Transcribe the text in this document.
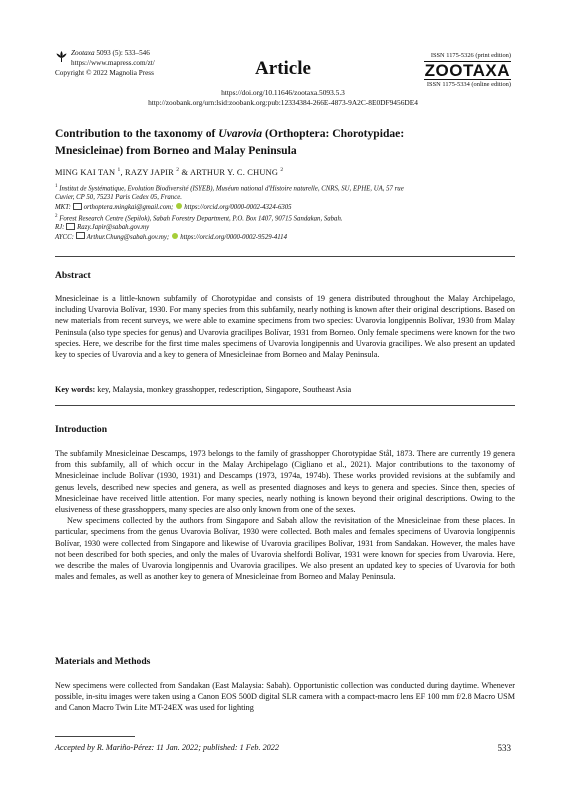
Zootaxa 5093 (5): 533–546
https://www.mapress.com/zt/
Copyright © 2022 Magnolia Press	Article
ISSN 1175-5326 (print edition)
ZOOTAXA
ISSN 1175-5334 (online edition)
https://doi.org/10.11646/zootaxa.5093.5.3
http://zoobank.org/urn:lsid:zoobank.org:pub:12334384-266E-4873-9A2C-8E0DF9456DE4
Contribution to the taxonomy of Uvarovia (Orthoptera: Chorotypidae:
Mnesicleinae) from Borneo and Malay Peninsula
MING KAI TAN $^1$, RAZY JAPIR $^2$ & ARTHUR Y. C. CHUNG $^2$
$^1$ Institut de Systématique, Evolution Biodiversité (ISYEB), Muséum national d'Histoire naturelle, CNRS, SU, EPHE, UA, 57 rue
Cuvier, CP 50, 75231 Paris Cedex 05, France.
MKT: orthoptera.mingkai@gmail.com; https://orcid.org/0000-0002-4324-6305
$^2$ Forest Research Centre (Sepilok), Sabah Forestry Department, P.O. Box 1407, 90715 Sandakan, Sabah.
RJ: Razy.Japir@sabah.gov.my
AYCC: Arthur.Chung@sabah.gov.my; https://orcid.org/0000-0002-9529-4114
Abstract

Mnesicleinae is a little-known subfamily of Chorotypidae and consists of 19 genera distributed throughout the Malay Archipelago, including Uvarovia Bolívar, 1930. For many species from this subfamily, nearly nothing is known after their original descriptions. Based on new materials from recent surveys, we were able to examine specimens from two species: Uvarovia longipennis Bolívar, 1930 from Malay Peninsula (also type species for genus) and Uvarovia gracilipes Bolívar, 1931 from Borneo. Only female specimens were known for the two species. Here, we describe for the first time males specimens of Uvarovia longipennis and Uvarovia gracilipes. We also present an updated key to species of Uvarovia and a key to genera of Mnesicleinae from Borneo and Malay Peninsula.

Key words: key, Malaysia, monkey grasshopper, redescription, Singapore, Southeast Asia
Introduction

The subfamily Mnesicleinae Descamps, 1973 belongs to the family of grasshopper Chorotypidae Stål, 1873. There are currently 19 genera from this subfamily, all of which occur in the Malay Archipelago (Cigliano et al., 2021). Major contributions to the taxonomy of Mnesicleinae include Bolívar (1930, 1931) and Descamps (1973, 1974a, 1974b). These works provided revisions at the subfamily and genus levels, described new species and genera, as well as presented diagnoses and keys to genera and species. Since then, species of Mnesicleinae have received little attention. For many species, nearly nothing is known beyond their original descriptions. Owing to the elusiveness of these grasshoppers, many species are also only known from one of the sexes.

New specimens collected by the authors from Singapore and Sabah allow the revisitation of the Mnesicleinae from these places. In particular, specimens from the genus Uvarovia Bolívar, 1930 were collected. Both males and females specimens of Uvarovia longipennis Bolívar, 1930 were collected from Singapore and likewise of Uvarovia gracilipes Bolívar, 1931 from Sandakan. However, the males have not been described for both species, and only the males of Uvarovia shelfordi Bolívar, 1931 were known for species from Uvarovia. Here, we describe the males of Uvarovia longipennis and Uvarovia gracilipes. We also present an updated key to species of Uvarovia for both males and females, as well as another key to genera of Mnesicleinae from Borneo and Malay Peninsula.

Materials and Methods

New specimens were collected from Sandakan (East Malaysia: Sabah). Opportunistic collection was conducted during daytime. Whenever possible, in-situ images were taken using a Canon EOS 500D digital SLR camera with a compact-macro lens EF 100 mm f/2.8 Macro USM and Canon Macro Twin Lite MT-24EX was used for lighting

Accepted by R. Mariño-Pérez: 11 Jan. 2022; published: 1 Feb. 2022	533
